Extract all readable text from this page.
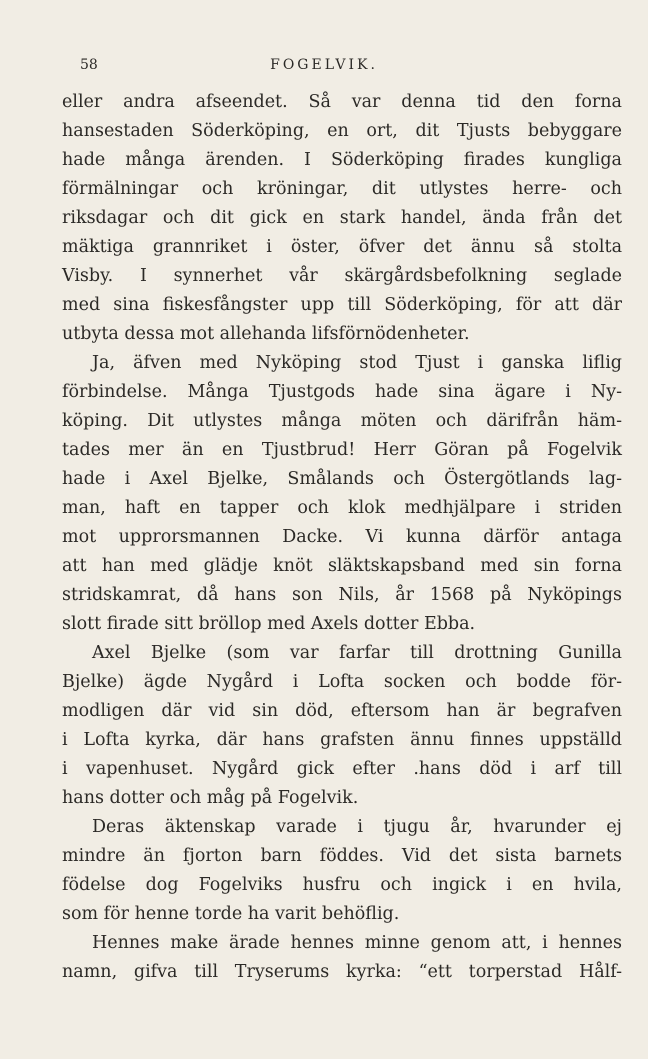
58	FOGELVIK.
eller andra afseendet. Så var denna tid den forna
hansestaden Söderköping, en ort, dit Tjusts bebyggare
hade många ärenden. I Söderköping firades kungliga
förmälningar och kröningar, dit utlystes herre- och
riksdagar och dit gick en stark handel, ända från det
mäktiga grannriket i öster, öfver det ännu så stolta
Visby. I synnerhet vår skärgårdsbefolkning seglade
med sina fiskesfångster upp till Söderköping, för att där
utbyta dessa mot allehanda lifsförnödenheter.
Ja, äfven med Nyköping stod Tjust i ganska liflig
förbindelse. Många Tjustgods hade sina ägare i Ny-
köping. Dit utlystes många möten och därifrån häm-
tades mer än en Tjustbrud! Herr Göran på Fogelvik
hade i Axel Bjelke, Smålands och Östergötlands lag-
man, haft en tapper och klok medhjälpare i striden
mot upprorsmannen Dacke. Vi kunna därför antaga
att han med glädje knöt släktskapsband med sin forna
stridskamrat, då hans son Nils, år 1568 på Nyköpings
slott firade sitt bröllop med Axels dotter Ebba.
Axel Bjelke (som var farfar till drottning Gunilla
Bjelke) ägde Nygård i Lofta socken och bodde för-
modligen där vid sin död, eftersom han är begrafven
i Lofta kyrka, där hans grafsten ännu finnes uppställd
i vapenhuset. Nygård gick efter .hans död i arf till
hans dotter och måg på Fogelvik.
Deras äktenskap varade i tjugu år, hvarunder ej
mindre än fjorton barn föddes. Vid det sista barnets
födelse dog Fogelviks husfru och ingick i en hvila,
som för henne torde ha varit behöflig.
Hennes make ärade hennes minne genom att, i hennes
namn, gifva till Tryserums kyrka: “ett torperstad Hålf-
